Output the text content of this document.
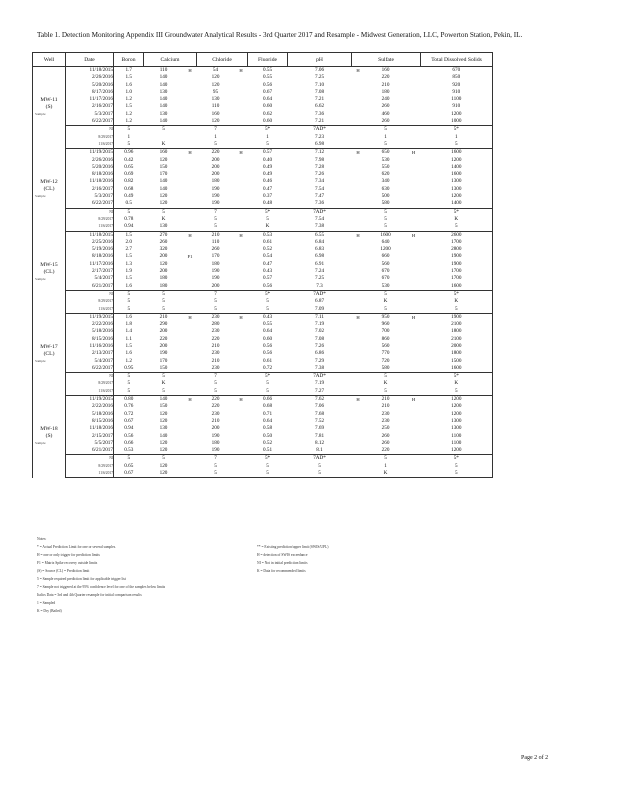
Table 1. Detection Monitoring Appendix III Groundwater Analytical Results - 3rd Quarter 2017 and Resample - Midwest Generation, LLC, Powerton Station, Pekin, IL.
Well	Date	Boron	Calcium		Chloride		Fluoride	pH	Sulfate			Total Dissolved Solids

MW-11
(S)
Sample	11/18/2015	1.7	110	H	54	H	0.55	7.06	H	160		670
	2/26/2016	1.5	140		120		0.55	7.25		220		850
	5/20/2016	1.6	140		120		0.56	7.10		210		920
	8/17/2016	1.0	130		95		0.67	7.08		180		910
	11/17/2016	1.2	140		130		0.64	7.21		240		1100
	2/16/2017	1.5	140		110		0.60	6.62		260		910
	5/3/2017	1.2	130		160		0.62	7.36		460		1200
	6/22/2017	1.2	140		120		0.60	7.21		260		1000
	NI	5	5		7		5*	7AD*		5		5*
	8/29/2017	1			1		1	7.23		1		1
	11/6/2017	5	K		5		5	6.98		5		5

MW-12
(CL)
Sample	11/19/2015	0.96	160	H	220	H	0.57	7.12	H	650	H	1600
	2/26/2016	0.42	120		200		0.40	7.98		530		1200
	5/20/2016	0.65	150		200		0.49	7.28		550		1400
	8/18/2016	0.69	170		200		0.49	7.26		620		1600
	11/18/2016	0.82	140		180		0.46	7.34		340		1300
	2/16/2017	0.68	140		190		0.47	7.54		630		1300
	5/3/2017	0.49	120		190		0.37	7.47		500		1200
	6/22/2017	0.5	120		190		0.48	7.36		580		1400
	NI	5	5		7		5*	7AD*		5		5*
	8/29/2017	0.78	K		5		5	7.54		5		K
	11/6/2017	0.94	130		5		K	7.38		5		5

MW-15
(CL)
Sample	11/18/2015	1.5	270	H	210	H	0.53	6.55	H	1600	H	2600
	2/25/2016	2.0	260		110		0.61	6.84		640		1700
	5/19/2016	2.7	320		260		0.52	6.83		1200		2800
	8/18/2016	1.5	200	F1	170		0.54	6.98		660		1900
	11/17/2016	1.3	120		180		0.47	6.91		560		1900
	2/17/2017	1.9	200		190		0.43	7.24		670		1700
	5/4/2017	1.5	180		190		0.57	7.25		670		1700
	6/21/2017	1.6	180		200		0.56	7.3		530		1600
	NI	5	5		7		5*	7AD*		5		5*
	8/29/2017	5	5		5		5	6.87		K		K
	11/6/2017	5	5		5		5	7.09		5		5

MW-17
(CL)
Sample	11/19/2015	1.6	210	H	230	H	0.43	7.11	H	950	H	1900
	2/22/2016	1.8	290		280		0.55	7.19		960		2100
	5/18/2016	1.4	200		230		0.64	7.02		700		1800
	8/15/2016	1.1	220		220		0.60	7.08		860		2100
	11/16/2016	1.5	200		210		0.56	7.26		560		2000
	2/13/2017	1.6	190		230		0.56	6.86		770		1800
	5/4/2017	1.2	170		210		0.61	7.29		720		1500
	6/22/2017	0.95	150		230		0.72	7.38		580		1600
	NI	5	5		7		5*	7AD*		5		5*
	8/29/2017	5	K		5		5	7.19		K		K
	11/6/2017	5	5		5		5	7.27		5		5

MW-18
(S)
Sample	11/19/2015	0.80	140	H	220	H	0.66	7.62	H	210	H	1200
	2/22/2016	0.76	150		220		0.68	7.06		210		1200
	5/18/2016	0.72	120		230		0.71	7.68		230		1200
	8/15/2016	0.67	120		210		0.64	7.52		230		1300
	11/18/2016	0.94	130		200		0.58	7.69		250		1300
	2/15/2017	0.56	140		190		0.50	7.81		260		1100
	5/5/2017	0.66	120		180		0.52	8.12		260		1100
	6/21/2017	0.53	120		190		0.51	8.1		220		1200
	NI	5	5		7		5*	7AD*		5		5*
	8/29/2017	0.65	120		5		5	5		1		5
	11/6/2017	0.67	120		5		5	5		K		5
Notes:
* = Actual Prediction Limit for one or several samples.	** = Existing prediction/upper limit (SWIS/UPL)
H = one or only trigger for prediction limits	H = detection of SWIS exceedance
F1 = Matrix Spike recovery outside limits	NI = Not in initial prediction limits
(S) = Source (CL) = Prediction limit	K = Data for recommended limits
5 = Sample required prediction limit for applicable trigger list
7 = Sample not triggered at the 95% confidence level for one of the samples below limits
Italics Data = 3rd and 4th Quarter resample for initial comparison results
1 = Sampled
K = Dry (Bailed)
Page 2 of 2
